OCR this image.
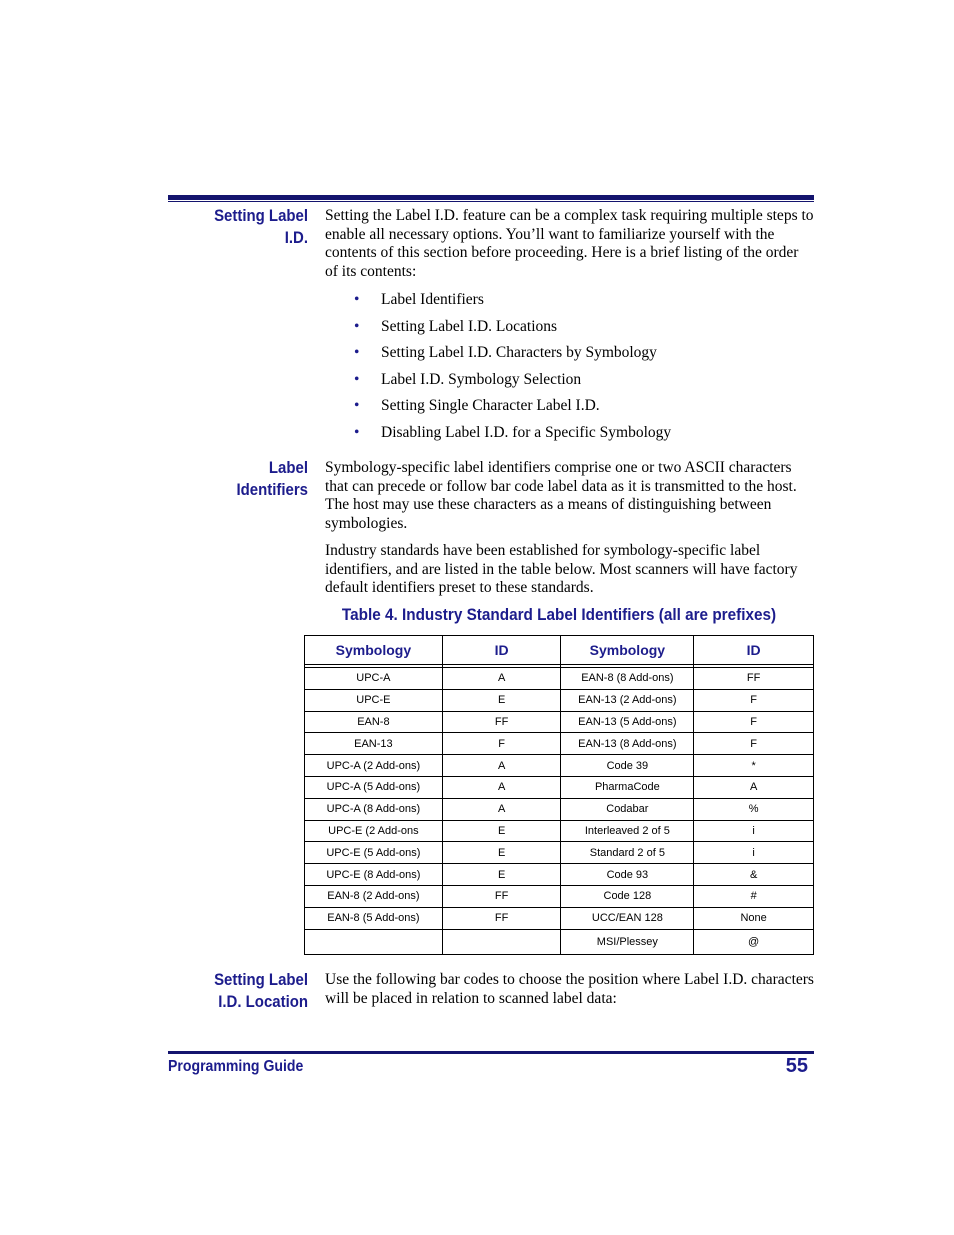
Setting Label
I.D.
Setting the Label I.D. feature can be a complex task requiring multiple steps to enable all necessary options. You’ll want to familiarize yourself with the contents of this section before proceeding. Here is a brief listing of the order of its contents:
• Label Identifiers
• Setting Label I.D. Locations
• Setting Label I.D. Characters by Symbology
• Label I.D. Symbology Selection
• Setting Single Character Label I.D.
• Disabling Label I.D. for a Specific Symbology
Label
Identifiers
Symbology-specific label identifiers comprise one or two ASCII characters that can precede or follow bar code label data as it is transmitted to the host. The host may use these characters as a means of distinguishing between symbologies.
Industry standards have been established for symbology-specific label identifiers, and are listed in the table below. Most scanners will have factory default identifiers preset to these standards.
Table 4. Industry Standard Label Identifiers (all are prefixes)
Symbology	ID	Symbology	ID

UPC-A	A	EAN-8 (8 Add-ons)	FF
UPC-E	E	EAN-13 (2 Add-ons)	F
EAN-8	FF	EAN-13 (5 Add-ons)	F
EAN-13	F	EAN-13 (8 Add-ons)	F
UPC-A (2 Add-ons)	A	Code 39	*
UPC-A (5 Add-ons)	A	PharmaCode	A
UPC-A (8 Add-ons)	A	Codabar	%
UPC-E (2 Add-ons	E	Interleaved 2 of 5	i
UPC-E (5 Add-ons)	E	Standard 2 of 5	i
UPC-E (8 Add-ons)	E	Code 93	&
EAN-8 (2 Add-ons)	FF	Code 128	#
EAN-8 (5 Add-ons)	FF	UCC/EAN 128	None
		MSI/Plessey	@
Setting Label
I.D. Location
Use the following bar codes to choose the position where Label I.D. characters will be placed in relation to scanned label data:
Programming Guide	55
